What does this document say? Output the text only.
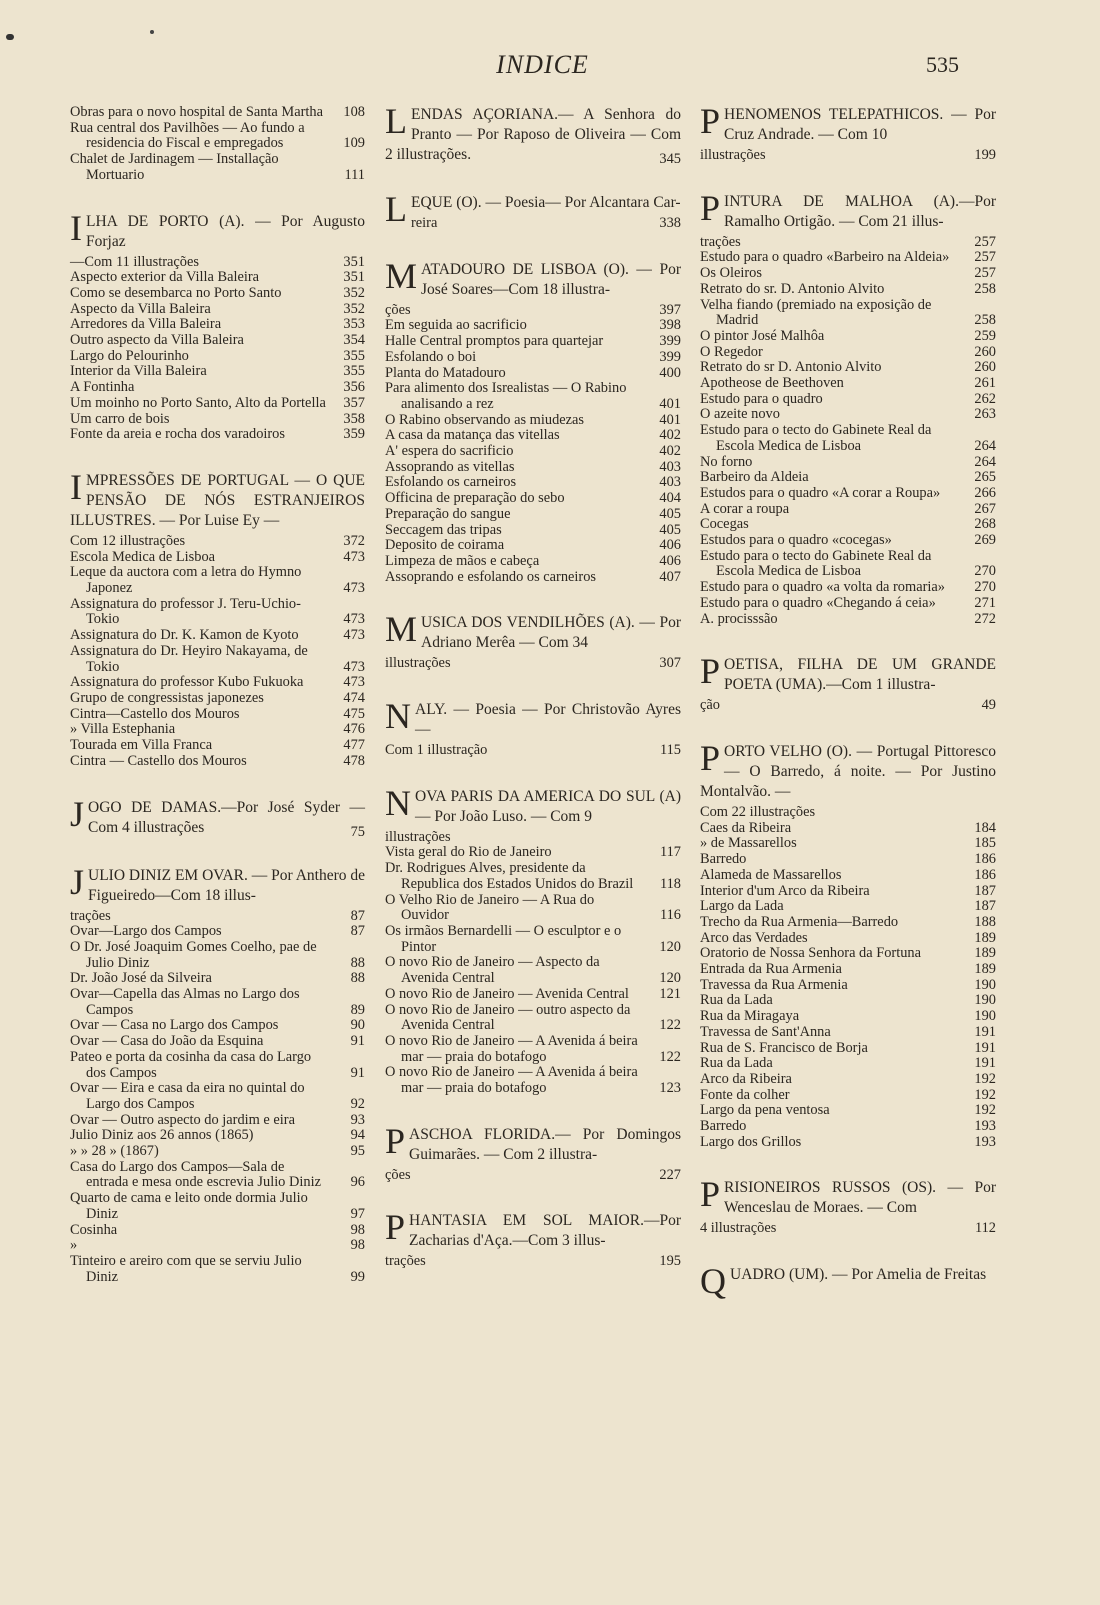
INDICE	535
Obras para o novo hospital de Santa Martha	108
Rua central dos Pavilhões — Ao fundo a residencia do Fiscal e empregados	109
Chalet de Jardinagem — Installação Mortuario	111
ILHA DE PORTO (A). — Por Augusto Forjaz
—Com 11 illustrações	351
Aspecto exterior da Villa Baleira	351
Como se desembarca no Porto Santo	352
Aspecto da Villa Baleira	352
Arredores da Villa Baleira	353
Outro aspecto da Villa Baleira	354
Largo do Pelourinho	355
Interior da Villa Baleira	355
A Fontinha	356
Um moinho no Porto Santo, Alto da Portella	357
Um carro de bois	358
Fonte da areia e rocha dos varadoiros	359
IMPRESSÕES DE PORTUGAL — O QUE PENSÃO DE NÓS ESTRANJEIROS ILLUSTRES. — Por Luise Ey —
Com 12 illustrações	372
Escola Medica de Lisboa	473
Leque da auctora com a letra do Hymno Japonez	473
Assignatura do professor J. Teru-Uchio-Tokio	473
Assignatura do Dr. K. Kamon de Kyoto	473
Assignatura do Dr. Heyiro Nakayama, de Tokio	473
Assignatura do professor Kubo Fukuoka	473
Grupo de congressistas japonezes	474
Cintra—Castello dos Mouros	475
» Villa Estephania	476
Tourada em Villa Franca	477
Cintra — Castello dos Mouros	478
JOGO DE DAMAS.—Por José Syder — Com 4 illustrações	75
JULIO DINIZ EM OVAR. — Por Anthero de Figueiredo—Com 18 illus-
trações	87
Ovar—Largo dos Campos	87
O Dr. José Joaquim Gomes Coelho, pae de Julio Diniz	88
Dr. João José da Silveira	88
Ovar—Capella das Almas no Largo dos Campos	89
Ovar — Casa no Largo dos Campos	90
Ovar — Casa do João da Esquina	91
Pateo e porta da cosinha da casa do Largo dos Campos	91
Ovar — Eira e casa da eira no quintal do Largo dos Campos	92
Ovar — Outro aspecto do jardim e eira	93
Julio Diniz aos 26 annos (1865)	94
» » 28 » (1867)	95
Casa do Largo dos Campos—Sala de entrada e mesa onde escrevia Julio Diniz	96
Quarto de cama e leito onde dormia Julio Diniz	97
Cosinha	98
»	98
Tinteiro e areiro com que se serviu Julio Diniz	99
LENDAS AÇORIANA.— A Senhora do Pranto — Por Raposo de Oliveira — Com 2 illustrações.	345
LEQUE (O). — Poesia— Por Alcantara Car-
reira	338
MATADOURO DE LISBOA (O). — Por José Soares—Com 18 illustra-
ções	397
Em seguida ao sacrificio	398
Halle Central promptos para quartejar	399
Esfolando o boi	399
Planta do Matadouro	400
Para alimento dos Isrealistas — O Rabino analisando a rez	401
O Rabino observando as miudezas	401
A casa da matança das vitellas	402
A' espera do sacrificio	402
Assoprando as vitellas	403
Esfolando os carneiros	403
Officina de preparação do sebo	404
Preparação do sangue	405
Seccagem das tripas	405
Deposito de coirama	406
Limpeza de mãos e cabeça	406
Assoprando e esfolando os carneiros	407
MUSICA DOS VENDILHÕES (A). — Por Adriano Merêa — Com 34
illustrações	307
NALY. — Poesia — Por Christovão Ayres —
Com 1 illustração	115
NOVA PARIS DA AMERICA DO SUL (A) — Por João Luso. — Com 9
illustrações
Vista geral do Rio de Janeiro	117
Dr. Rodrigues Alves, presidente da Republica dos Estados Unidos do Brazil	118
O Velho Rio de Janeiro — A Rua do Ouvidor	116
Os irmãos Bernardelli — O esculptor e o Pintor	120
O novo Rio de Janeiro — Aspecto da Avenida Central	120
O novo Rio de Janeiro — Avenida Central	121
O novo Rio de Janeiro — outro aspecto da Avenida Central	122
O novo Rio de Janeiro — A Avenida á beira mar — praia do botafogo	122
O novo Rio de Janeiro — A Avenida á beira mar — praia do botafogo	123
PASCHOA FLORIDA.— Por Domingos Guimarães. — Com 2 illustra-
ções	227
PHANTASIA EM SOL MAIOR.—Por Zacharias d'Aça.—Com 3 illus-
trações	195
PHENOMENOS TELEPATHICOS. — Por Cruz Andrade. — Com 10
illustrações	199
PINTURA DE MALHOA (A).—Por Ramalho Ortigão. — Com 21 illus-
trações	257
Estudo para o quadro «Barbeiro na Aldeia»	257
Os Oleiros	257
Retrato do sr. D. Antonio Alvito	258
Velha fiando (premiado na exposição de Madrid	258
O pintor José Malhôa	259
O Regedor	260
Retrato do sr D. Antonio Alvito	260
Apotheose de Beethoven	261
Estudo para o quadro	262
O azeite novo	263
Estudo para o tecto do Gabinete Real da Escola Medica de Lisboa	264
No forno	264
Barbeiro da Aldeia	265
Estudos para o quadro «A corar a Roupa»	266
A corar a roupa	267
Cocegas	268
Estudos para o quadro «cocegas»	269
Estudo para o tecto do Gabinete Real da Escola Medica de Lisboa	270
Estudo para o quadro «a volta da romaria»	270
Estudo para o quadro «Chegando á ceia»	271
A. procisssão	272
POETISA, FILHA DE UM GRANDE POETA (UMA).—Com 1 illustra-
ção	49
PORTO VELHO (O). — Portugal Pittoresco — O Barredo, á noite. — Por Justino Montalvão. —
Com 22 illustrações
Caes da Ribeira	184
» de Massarellos	185
Barredo	186
Alameda de Massarellos	186
Interior d'um Arco da Ribeira	187
Largo da Lada	187
Trecho da Rua Armenia—Barredo	188
Arco das Verdades	189
Oratorio de Nossa Senhora da Fortuna	189
Entrada da Rua Armenia	189
Travessa da Rua Armenia	190
Rua da Lada	190
Rua da Miragaya	190
Travessa de Sant'Anna	191
Rua de S. Francisco de Borja	191
Rua da Lada	191
Arco da Ribeira	192
Fonte da colher	192
Largo da pena ventosa	192
Barredo	193
Largo dos Grillos	193
PRISIONEIROS RUSSOS (OS). — Por Wenceslau de Moraes. — Com
4 illustrações	112
QUADRO (UM). — Por Amelia de Freitas
